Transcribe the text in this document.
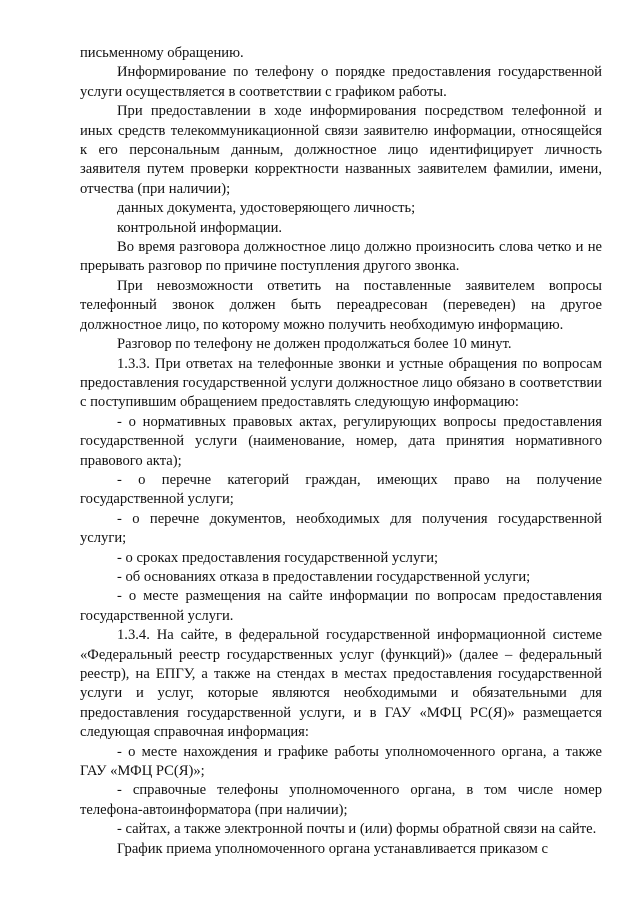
письменному обращению.

Информирование по телефону о порядке предоставления государственной услуги осуществляется в соответствии с графиком работы.

При предоставлении в ходе информирования посредством телефонной и иных средств телекоммуникационной связи заявителю информации, относящейся к его персональным данным, должностное лицо идентифицирует личность заявителя путем проверки корректности названных заявителем фамилии, имени, отчества (при наличии);

данных документа, удостоверяющего личность;

контрольной информации.

Во время разговора должностное лицо должно произносить слова четко и не прерывать разговор по причине поступления другого звонка.

При невозможности ответить на поставленные заявителем вопросы телефонный звонок должен быть переадресован (переведен) на другое должностное лицо, по которому можно получить необходимую информацию.

Разговор по телефону не должен продолжаться более 10 минут.

1.3.3. При ответах на телефонные звонки и устные обращения по вопросам предоставления государственной услуги должностное лицо обязано в соответствии с поступившим обращением предоставлять следующую информацию:

- о нормативных правовых актах, регулирующих вопросы предоставления государственной услуги (наименование, номер, дата принятия нормативного правового акта);

- о перечне категорий граждан, имеющих право на получение государственной услуги;

- о перечне документов, необходимых для получения государственной услуги;

- о сроках предоставления государственной услуги;

- об основаниях отказа в предоставлении государственной услуги;

- о месте размещения на сайте информации по вопросам предоставления государственной услуги.

1.3.4. На сайте, в федеральной государственной информационной системе «Федеральный реестр государственных услуг (функций)» (далее – федеральный реестр), на ЕПГУ, а также на стендах в местах предоставления государственной услуги и услуг, которые являются необходимыми и обязательными для предоставления государственной услуги, и в ГАУ «МФЦ РС(Я)» размещается следующая справочная информация:

- о месте нахождения и графике работы уполномоченного органа, а также ГАУ «МФЦ РС(Я)»;

- справочные телефоны уполномоченного органа, в том числе номер телефона-автоинформатора (при наличии);

- сайтах, а также электронной почты и (или) формы обратной связи на сайте.

График приема уполномоченного органа устанавливается приказом с
